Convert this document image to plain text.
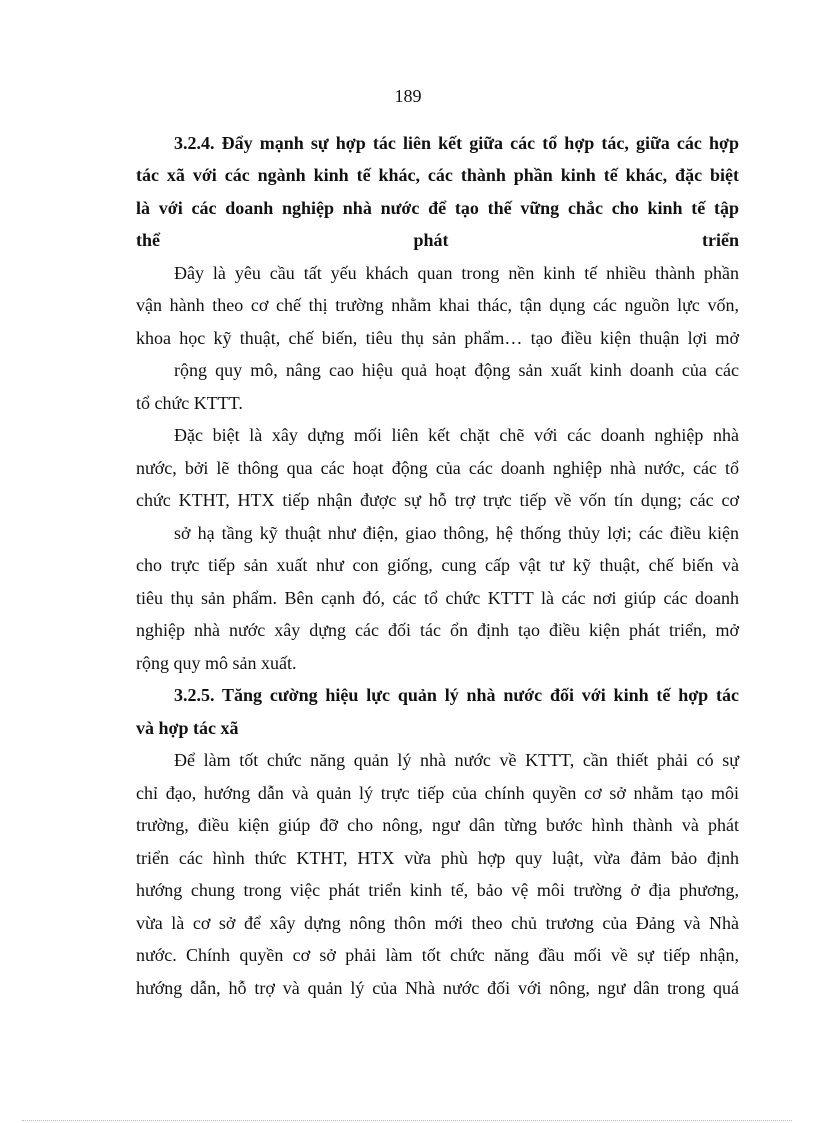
189
3.2.4. Đẩy mạnh sự hợp tác liên kết giữa các tổ hợp tác, giữa các hợp
tác xã với các ngành kinh tế khác, các thành phần kinh tế khác, đặc biệt
là với các doanh nghiệp nhà nước để tạo thế vững chắc cho kinh tế tập
thể	phát	triển
Đây là yêu cầu tất yếu khách quan trong nền kinh tế nhiều thành phần
vận hành theo cơ chế thị trường nhằm khai thác, tận dụng các nguồn lực vốn,
khoa học kỹ thuật, chế biến, tiêu thụ sản phẩm… tạo điều kiện thuận lợi mở
rộng quy mô, nâng cao hiệu quả hoạt động sản xuất kinh doanh của các
tổ chức KTTT.
Đặc biệt là xây dựng mối liên kết chặt chẽ với các doanh nghiệp nhà
nước, bởi lẽ thông qua các hoạt động của các doanh nghiệp nhà nước, các tổ
chức KTHT, HTX tiếp nhận được sự hỗ trợ trực tiếp về vốn tín dụng; các cơ
sở hạ tầng kỹ thuật như điện, giao thông, hệ thống thủy lợi; các điều kiện
cho trực tiếp sản xuất như con giống, cung cấp vật tư kỹ thuật, chế biến và
tiêu thụ sản phẩm. Bên cạnh đó, các tổ chức KTTT là các nơi giúp các doanh
nghiệp nhà nước xây dựng các đối tác ổn định tạo điều kiện phát triển, mở
rộng quy mô sản xuất.
3.2.5. Tăng cường hiệu lực quản lý nhà nước đối với kinh tế hợp tác
và hợp tác xã
Để làm tốt chức năng quản lý nhà nước về KTTT, cần thiết phải có sự
chỉ đạo, hướng dẫn và quản lý trực tiếp của chính quyền cơ sở nhằm tạo môi
trường, điều kiện giúp đỡ cho nông, ngư dân từng bước hình thành và phát
triển các hình thức KTHT, HTX vừa phù hợp quy luật, vừa đảm bảo định
hướng chung trong việc phát triển kinh tế, bảo vệ môi trường ở địa phương,
vừa là cơ sở để xây dựng nông thôn mới theo chủ trương của Đảng và Nhà
nước. Chính quyền cơ sở phải làm tốt chức năng đầu mối về sự tiếp nhận,
hướng dẫn, hỗ trợ và quản lý của Nhà nước đối với nông, ngư dân trong quá
